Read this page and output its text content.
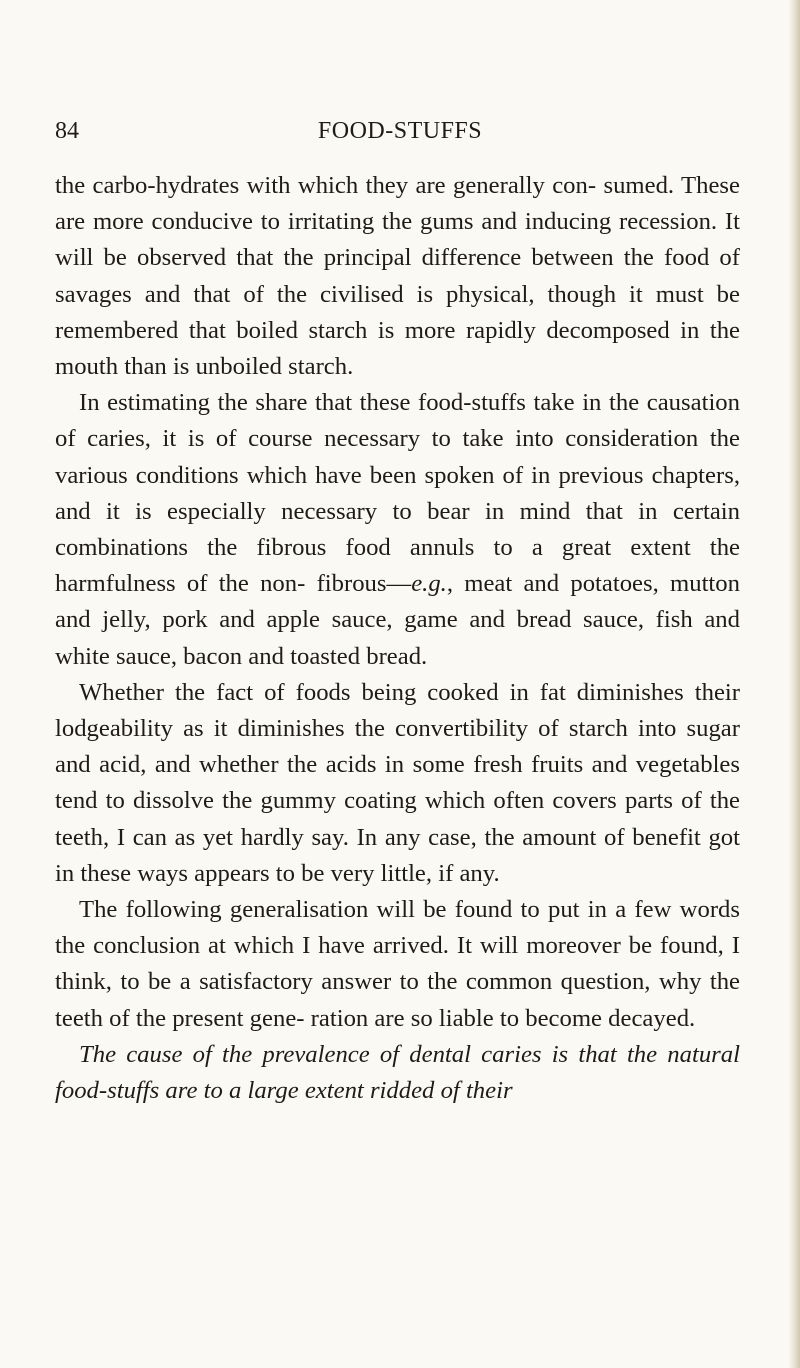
84	FOOD-STUFFS

the carbo-hydrates with which they are generally con- sumed. These are more conducive to irritating the gums and inducing recession. It will be observed that the principal difference between the food of savages and that of the civilised is physical, though it must be remembered that boiled starch is more rapidly decomposed in the mouth than is unboiled starch.

In estimating the share that these food-stuffs take in the causation of caries, it is of course necessary to take into consideration the various conditions which have been spoken of in previous chapters, and it is especially necessary to bear in mind that in certain combinations the fibrous food annuls to a great extent the harmfulness of the non- fibrous—e.g., meat and potatoes, mutton and jelly, pork and apple sauce, game and bread sauce, fish and white sauce, bacon and toasted bread.

Whether the fact of foods being cooked in fat diminishes their lodgeability as it diminishes the convertibility of starch into sugar and acid, and whether the acids in some fresh fruits and vegetables tend to dissolve the gummy coating which often covers parts of the teeth, I can as yet hardly say. In any case, the amount of benefit got in these ways appears to be very little, if any.

The following generalisation will be found to put in a few words the conclusion at which I have arrived. It will moreover be found, I think, to be a satisfactory answer to the common question, why the teeth of the present gene- ration are so liable to become decayed.

The cause of the prevalence of dental caries is that the natural food-stuffs are to a large extent ridded of their
